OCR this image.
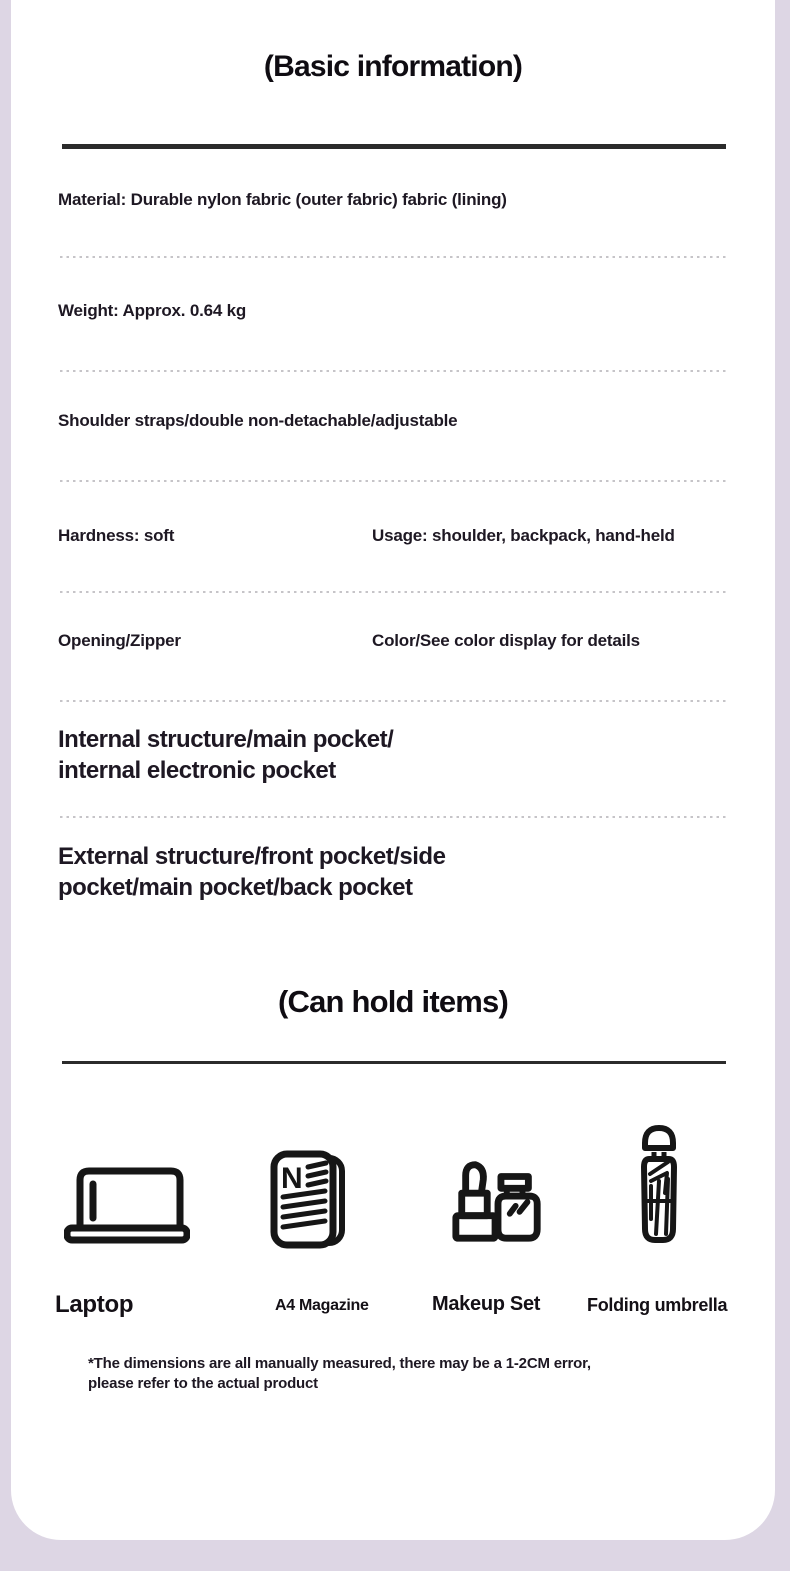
(Basic information)
Material: Durable nylon fabric (outer fabric) fabric (lining)
Weight: Approx. 0.64 kg
Shoulder straps/double non-detachable/adjustable
Hardness: soft	Usage: shoulder, backpack, hand-held
Opening/Zipper	Color/See color display for details
Internal structure/main pocket/
internal electronic pocket
External structure/front pocket/side
pocket/main pocket/back pocket
(Can hold items)
N
Laptop	A4 Magazine	Makeup Set	Folding umbrella
*The dimensions are all manually measured, there may be a 1-2CM error,
please refer to the actual product
